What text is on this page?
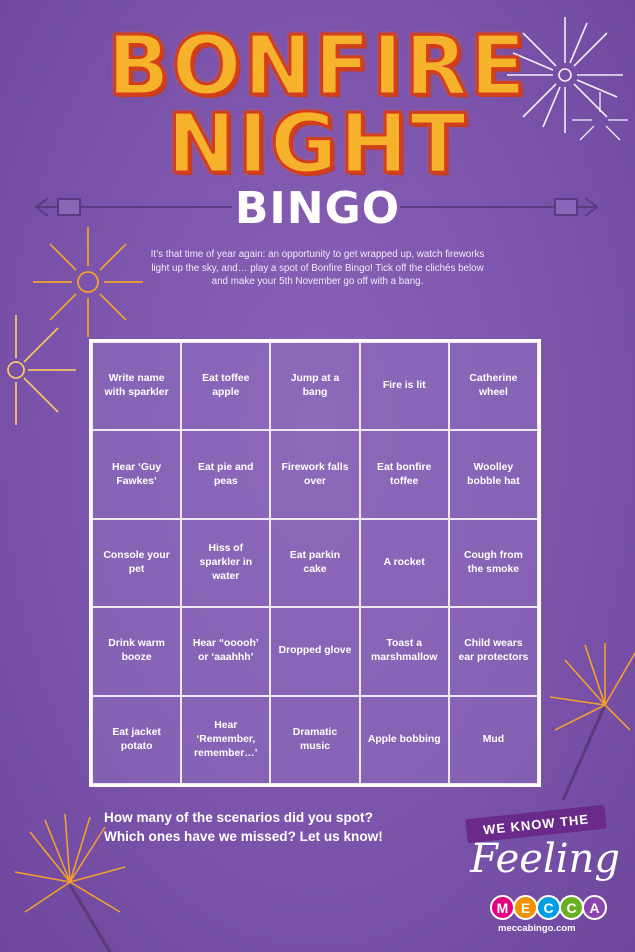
BONFIRE
NIGHT
BINGO
It’s that time of year again: an opportunity to get wrapped up, watch fireworks light up the sky, and… play a spot of Bonfire Bingo! Tick off the clichés below and make your 5th November go off with a bang.
Write name with sparkler
Eat toffee apple
Jump at a bang
Fire is lit
Catherine wheel
Hear ‘Guy Fawkes’
Eat pie and peas
Firework falls over
Eat bonfire toffee
Woolley bobble hat
Console your pet
Hiss of sparkler in water
Eat parkin cake
A rocket
Cough from the smoke
Drink warm booze
Hear “ooooh’ or ‘aaahhh’
Dropped glove
Toast a marshmallow
Child wears ear protectors
Eat jacket potato
Hear ‘Remember, remember…’
Dramatic music
Apple bobbing	Mud
How many of the scenarios did you spot?
Which ones have we missed? Let us know!	WE KNOW THE
Feeling
M E C C A
meccabingo.com
